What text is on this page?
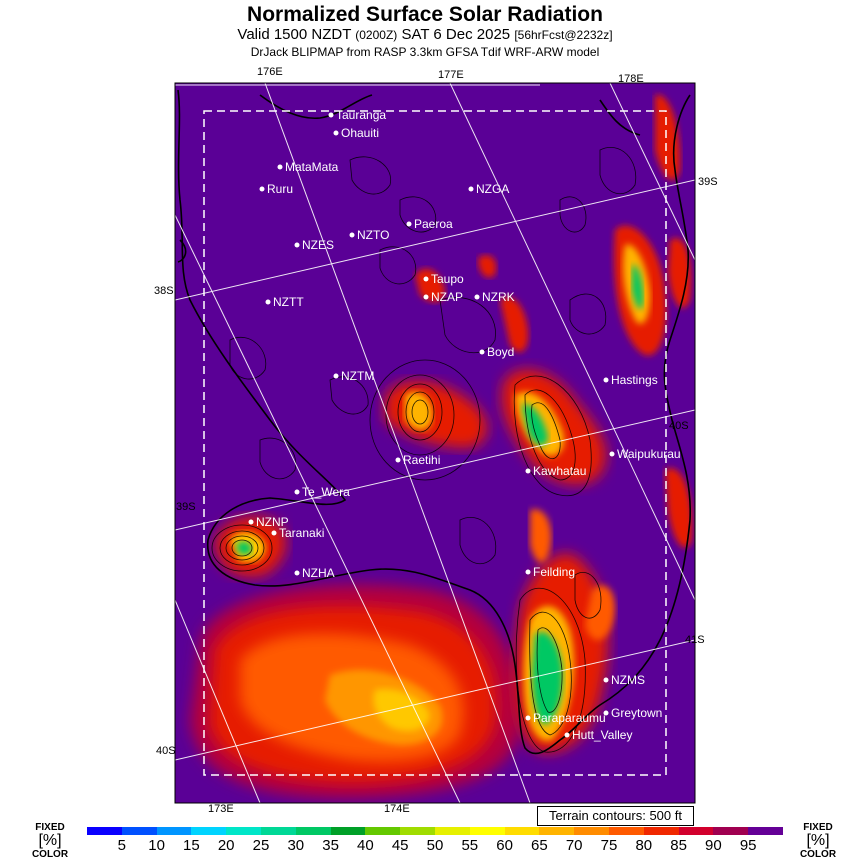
Normalized Surface Solar Radiation
Valid 1500 NZDT (0200Z) SAT 6 Dec 2025 [56hrFcst@2232z]
DrJack BLIPMAP from RASP 3.3km GFSA Tdif WRF-ARW model
176E	177E	178E
173E	174E
39S
38S
40S
39S
41S
40S
Tauranga
Ohauiti
MataMata
Ruru	NZGA
Paeroa
NZES
NZTO
Taupo
NZAP NZRK
NZTT
Boyd
NZTM	Hastings
Raetihi
Kawhatau
Waipukurau
Te_Wera
NZNP
Taranaki
NZHA	Feilding
NZMS
Greytown
Paraparaumu
Hutt_Valley
Terrain contours: 500 ft
5	10	15	20	25	30	35	40	45	50	55	60	65	70	75	80	85	90	95
FIXED
[%]
COLOR
FIXED
[%]
COLOR
